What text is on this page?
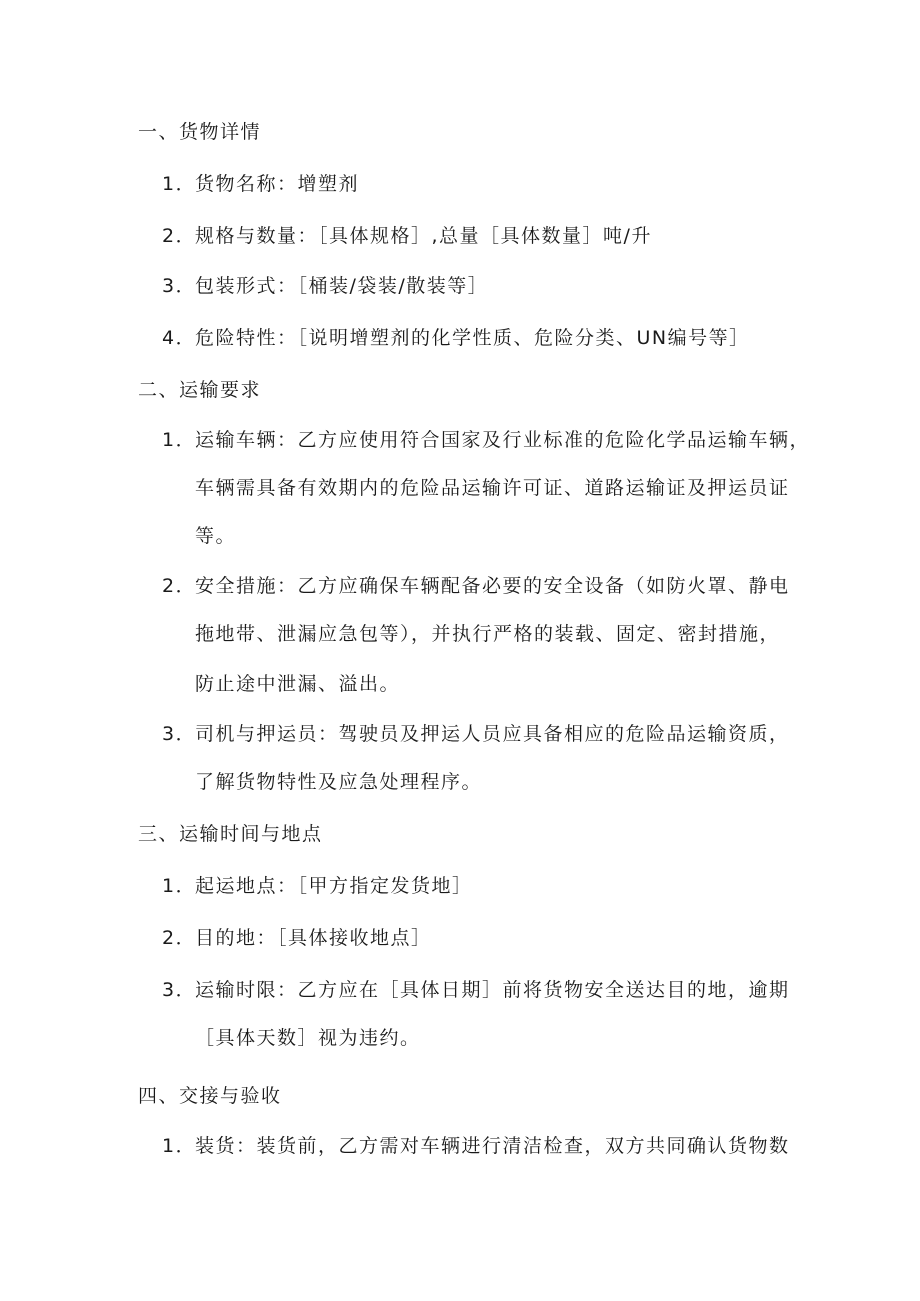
一、货物详情
1．
货物名称：增塑剂
2．
规格与数量：［具体规格］,总量［具体数量］吨/升
3．
包装形式：［桶装/袋装/散装等］
4．
危险特性：［说明增塑剂的化学性质、危险分类、UN编号等］
二、运输要求
1．
运输车辆：乙方应使用符合国家及行业标准的危险化学品运输车辆，
车辆需具备有效期内的危险品运输许可证、道路运输证及押运员证
等。
2．
安全措施：乙方应确保车辆配备必要的安全设备（如防火罩、静电
拖地带、泄漏应急包等），并执行严格的装载、固定、密封措施，
防止途中泄漏、溢出。
3．
司机与押运员：驾驶员及押运人员应具备相应的危险品运输资质，
了解货物特性及应急处理程序。
三、运输时间与地点
1．
起运地点：［甲方指定发货地］
2．
目的地：［具体接收地点］
3．
运输时限：乙方应在［具体日期］前将货物安全送达目的地，逾期
［具体天数］视为违约。
四、交接与验收
1．
装货：装货前，乙方需对车辆进行清洁检查，双方共同确认货物数
